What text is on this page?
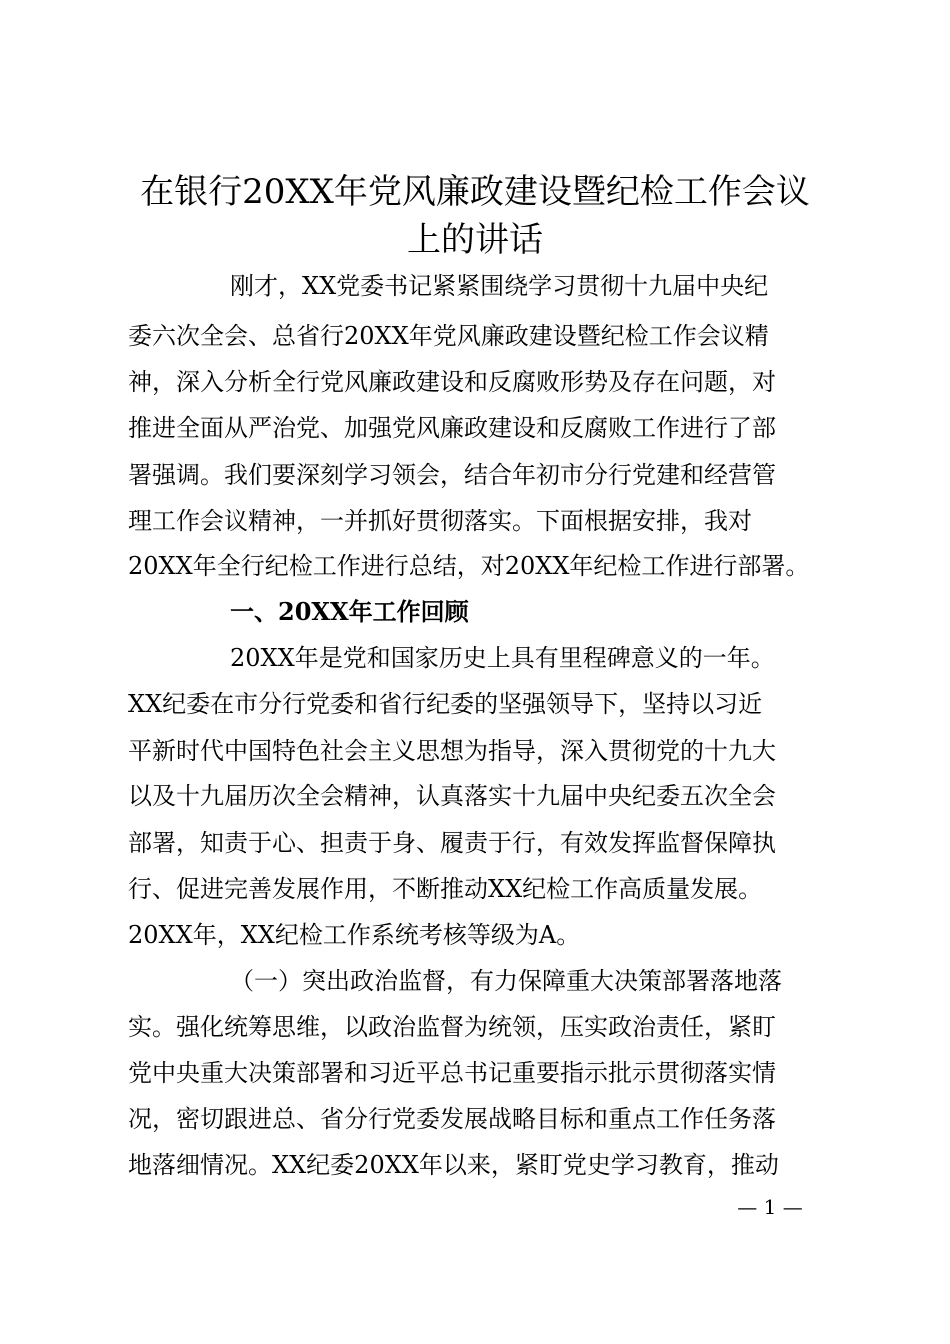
在银行20XX年党风廉政建设暨纪检工作会议
上的讲话
刚才，XX党委书记紧紧围绕学习贯彻十九届中央纪
委六次全会、总省行20XX年党风廉政建设暨纪检工作会议精
神，深入分析全行党风廉政建设和反腐败形势及存在问题，对
推进全面从严治党、加强党风廉政建设和反腐败工作进行了部
署强调。我们要深刻学习领会，结合年初市分行党建和经营管
理工作会议精神，一并抓好贯彻落实。下面根据安排，我对
20XX年全行纪检工作进行总结，对20XX年纪检工作进行部署。
一、20XX年工作回顾
20XX年是党和国家历史上具有里程碑意义的一年。
XX纪委在市分行党委和省行纪委的坚强领导下，坚持以习近
平新时代中国特色社会主义思想为指导，深入贯彻党的十九大
以及十九届历次全会精神，认真落实十九届中央纪委五次全会
部署，知责于心、担责于身、履责于行，有效发挥监督保障执
行、促进完善发展作用，不断推动XX纪检工作高质量发展。
20XX年，XX纪检工作系统考核等级为A。
（一）突出政治监督，有力保障重大决策部署落地落
实。强化统筹思维，以政治监督为统领，压实政治责任，紧盯
党中央重大决策部署和习近平总书记重要指示批示贯彻落实情
况，密切跟进总、省分行党委发展战略目标和重点工作任务落
地落细情况。XX纪委20XX年以来，紧盯党史学习教育，推动
— 1 —
